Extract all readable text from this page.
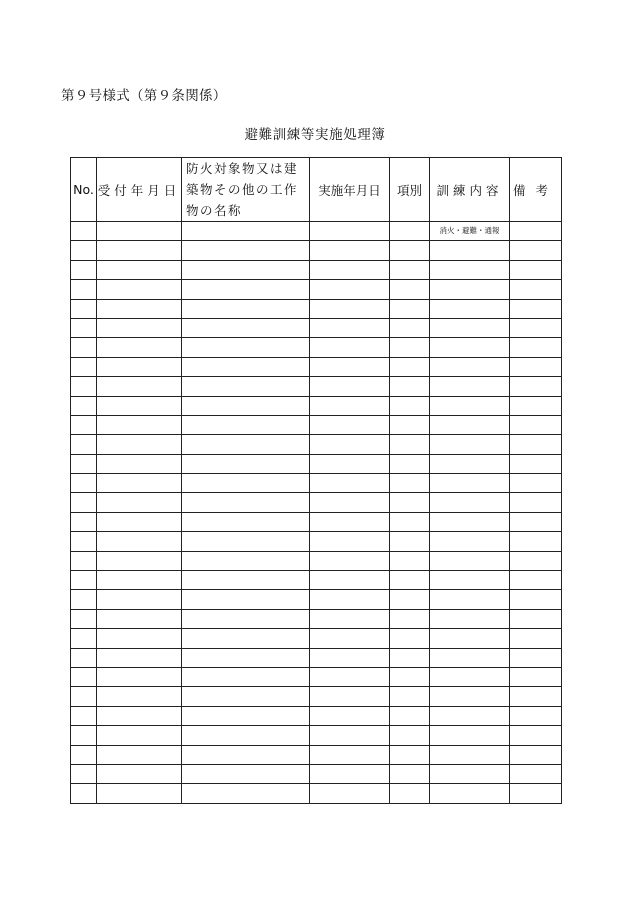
第９号様式（第９条関係）
避難訓練等実施処理簿
No.	受付年月日	防火対象物又は建築物その他の工作物の名称	実施年月日	項別	訓練内容	備考
					消火・避難・通報	
